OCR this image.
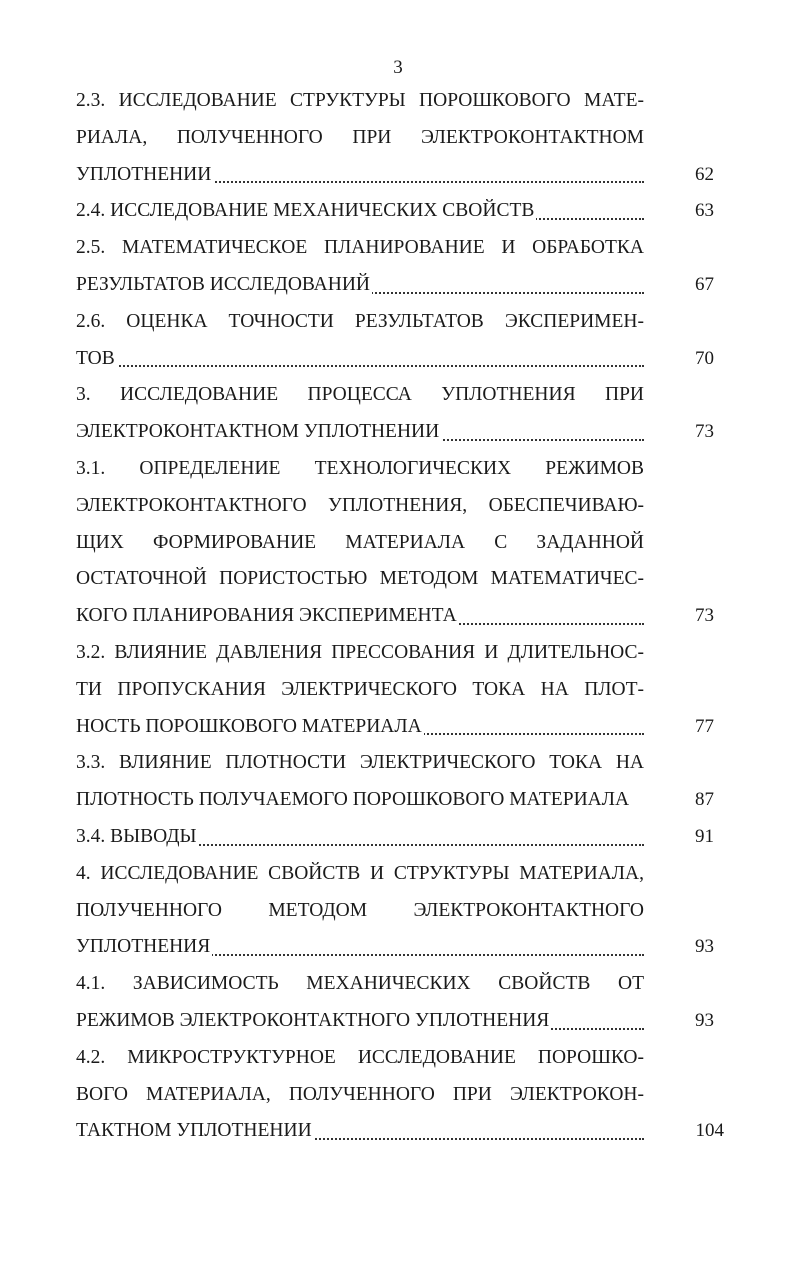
3
2.3. ИССЛЕДОВАНИЕ СТРУКТУРЫ ПОРОШКОВОГО МАТЕ-
РИАЛА, ПОЛУЧЕННОГО ПРИ ЭЛЕКТРОКОНТАКТНОМ
УПЛОТНЕНИИ	62
2.4. ИССЛЕДОВАНИЕ МЕХАНИЧЕСКИХ СВОЙСТВ	63
2.5. МАТЕМАТИЧЕСКОЕ ПЛАНИРОВАНИЕ И ОБРАБОТКА
РЕЗУЛЬТАТОВ ИССЛЕДОВАНИЙ	67
2.6. ОЦЕНКА ТОЧНОСТИ РЕЗУЛЬТАТОВ ЭКСПЕРИМЕН-
ТОВ	70
3. ИССЛЕДОВАНИЕ ПРОЦЕССА УПЛОТНЕНИЯ ПРИ
ЭЛЕКТРОКОНТАКТНОМ УПЛОТНЕНИИ	73
3.1. ОПРЕДЕЛЕНИЕ ТЕХНОЛОГИЧЕСКИХ РЕЖИМОВ
ЭЛЕКТРОКОНТАКТНОГО УПЛОТНЕНИЯ, ОБЕСПЕЧИВАЮ-
ЩИХ ФОРМИРОВАНИЕ МАТЕРИАЛА С ЗАДАННОЙ
ОСТАТОЧНОЙ ПОРИСТОСТЬЮ МЕТОДОМ МАТЕМАТИЧЕС-
КОГО ПЛАНИРОВАНИЯ ЭКСПЕРИМЕНТА	73
3.2. ВЛИЯНИЕ ДАВЛЕНИЯ ПРЕССОВАНИЯ И ДЛИТЕЛЬНОС-
ТИ ПРОПУСКАНИЯ ЭЛЕКТРИЧЕСКОГО ТОКА НА ПЛОТ-
НОСТЬ ПОРОШКОВОГО МАТЕРИАЛА	77
3.3. ВЛИЯНИЕ ПЛОТНОСТИ ЭЛЕКТРИЧЕСКОГО ТОКА НА
ПЛОТНОСТЬ ПОЛУЧАЕМОГО ПОРОШКОВОГО МАТЕРИАЛА	87
3.4. ВЫВОДЫ	91
4. ИССЛЕДОВАНИЕ СВОЙСТВ И СТРУКТУРЫ МАТЕРИАЛА,
ПОЛУЧЕННОГО МЕТОДОМ ЭЛЕКТРОКОНТАКТНОГО
УПЛОТНЕНИЯ	93
4.1. ЗАВИСИМОСТЬ МЕХАНИЧЕСКИХ СВОЙСТВ ОТ
РЕЖИМОВ ЭЛЕКТРОКОНТАКТНОГО УПЛОТНЕНИЯ	93
4.2. МИКРОСТРУКТУРНОЕ ИССЛЕДОВАНИЕ ПОРОШКО-
ВОГО МАТЕРИАЛА, ПОЛУЧЕННОГО ПРИ ЭЛЕКТРОКОН-
ТАКТНОМ УПЛОТНЕНИИ	104
